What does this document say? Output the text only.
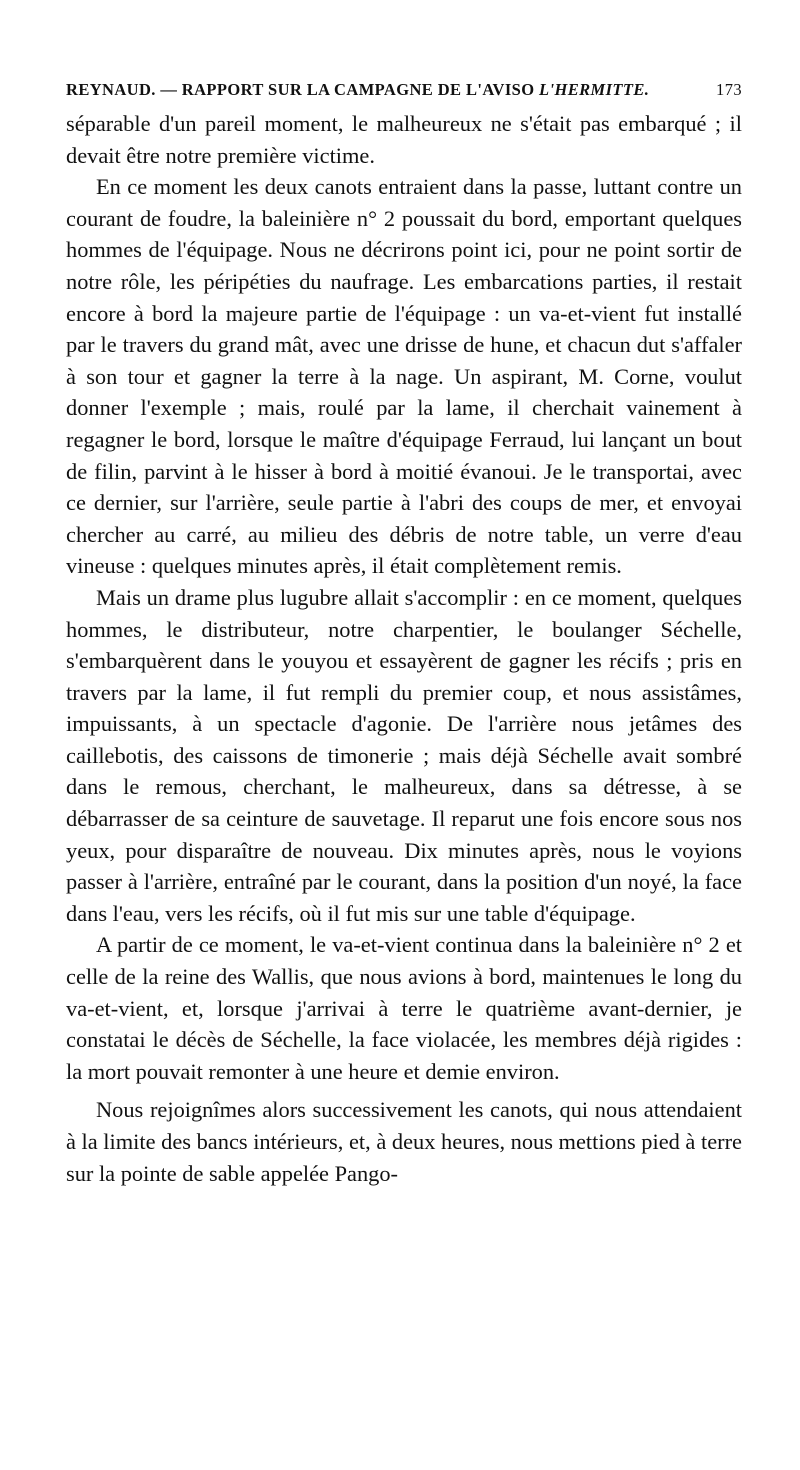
REYNAUD. — RAPPORT SUR LA CAMPAGNE DE L'AVISO L'HERMITTE.	173

séparable d'un pareil moment, le malheureux ne s'était pas embarqué ; il devait être notre première victime.

En ce moment les deux canots entraient dans la passe, luttant contre un courant de foudre, la baleinière n° 2 poussait du bord, emportant quelques hommes de l'équipage. Nous ne décrirons point ici, pour ne point sortir de notre rôle, les péripéties du naufrage. Les embarcations parties, il restait encore à bord la majeure partie de l'équipage : un va-et-vient fut installé par le travers du grand mât, avec une drisse de hune, et chacun dut s'affaler à son tour et gagner la terre à la nage. Un aspirant, M. Corne, voulut donner l'exemple ; mais, roulé par la lame, il cherchait vainement à regagner le bord, lorsque le maître d'équipage Ferraud, lui lançant un bout de filin, parvint à le hisser à bord à moitié évanoui. Je le transportai, avec ce dernier, sur l'arrière, seule partie à l'abri des coups de mer, et envoyai chercher au carré, au milieu des débris de notre table, un verre d'eau vineuse : quelques minutes après, il était complètement remis.

Mais un drame plus lugubre allait s'accomplir : en ce moment, quelques hommes, le distributeur, notre charpentier, le boulanger Séchelle, s'embarquèrent dans le youyou et essayèrent de gagner les récifs ; pris en travers par la lame, il fut rempli du premier coup, et nous assistâmes, impuissants, à un spectacle d'agonie. De l'arrière nous jetâmes des caillebotis, des caissons de timonerie ; mais déjà Séchelle avait sombré dans le remous, cherchant, le malheureux, dans sa détresse, à se débarrasser de sa ceinture de sauvetage. Il reparut une fois encore sous nos yeux, pour disparaître de nouveau. Dix minutes après, nous le voyions passer à l'arrière, entraîné par le courant, dans la position d'un noyé, la face dans l'eau, vers les récifs, où il fut mis sur une table d'équipage.

A partir de ce moment, le va-et-vient continua dans la baleinière n° 2 et celle de la reine des Wallis, que nous avions à bord, maintenues le long du va-et-vient, et, lorsque j'arrivai à terre le quatrième avant-dernier, je constatai le décès de Séchelle, la face violacée, les membres déjà rigides : la mort pouvait remonter à une heure et demie environ.

Nous rejoignîmes alors successivement les canots, qui nous attendaient à la limite des bancs intérieurs, et, à deux heures, nous mettions pied à terre sur la pointe de sable appelée Pango-
